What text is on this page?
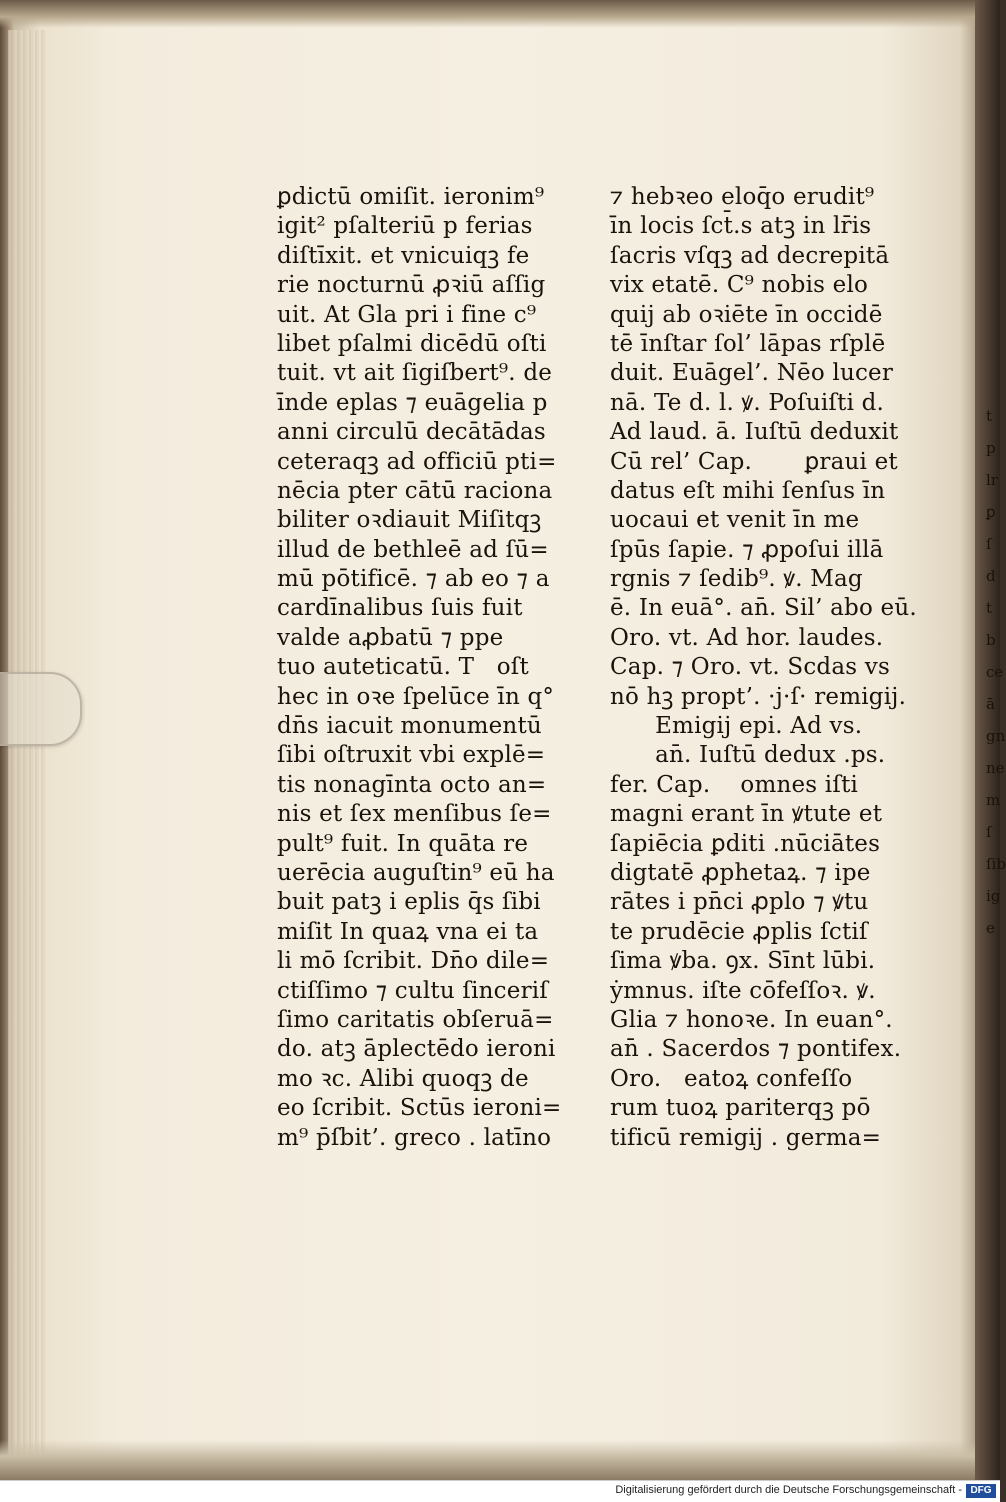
t
p
lr
ꝑ
ſ
d
t
b
ce
ā
gn
ne
m
ſ
ſib
ig
e
ꝑdictū omiſit. ieronim⁹
igit² pſalteriū p ferias
diſtīxit. et vnicuiqꝫ fe
rie nocturnū ꝓꝛiū aſſig
uit. At Gla pri i fine c⁹
libet pſalmi dicēdū oſti
tuit. vt ait ſigiſbert⁹. de
īnde eplas ⁊ euāgelia p
anni circulū decātādas
ceteraqꝫ ad officiū pti=
nēcia pter cātū raciona
biliter oꝛdiauit Miſitqꝫ
illud de bethleē ad ſū=
mū pōtificē. ⁊ ab eo ⁊ a
cardīnalibus ſuis fuit
valde aꝓbatū ⁊ ppe
tuo auteticatū. T   oſt
hec in oꝛe ſpelūce īn q°
dn̄s iacuit monumentū
ſibi oſtruxit vbi explē=
tis nonagīnta octo an=
nis et ſex menſibus ſe=
pult⁹ fuit. In quāta re
uerēcia auguſtin⁹ eū ha
buit patꝫ i eplis q̄s ſibi
miſit In quaꝝ vna ei ta
li mō ſcribit. Dn̄o dile=
ctiſſimo ⁊ cultu ſinceriſ
ſimo caritatis obſeruā=
do. atꝫ āplectēdo ieroni
mo ꝛc. Alibi quoqꝫ de
eo ſcribit. Sctūs ieroni=
m⁹ p̄ſbit’. greco . latīno
⁊ hebꝛeo eloq̄o erudit⁹
īn locis ſct̄.s atꝫ in lr̄is
ſacris vſqꝫ ad decrepitā
vix etatē. C⁹ nobis elo
quij ab oꝛiēte īn occidē
tē īnſtar ſol’ lāpas rſplē
duit. Euāgel’. Nēo lucer
nā. Te d. l. ꝟ. Poſuiſti d.
Ad laud. ā. Iuſtū deduxit
Cū rel’ Cap.       ꝑraui et
datus eſt mihi ſenſus īn
uocaui et venit īn me
ſpūs ſapie. ⁊ ꝓpoſui illā
rgnis ⁊ ſedib⁹. ꝟ. Mag
ē. In euā°. an̄. Sil’ abo eū.
Oro. vt. Ad hor. laudes.
Cap. ⁊ Oro. vt. Scdas vs
nō hꝫ propt’. ·j·ſ· remigij.
Emigij epi. Ad vs.
an̄. Iuſtū dedux .ps.
fer. Cap.    omnes iſti
magni erant īn ꝟtute et
ſapiēcia ꝑditi .nūciātes
digtatē ꝓphetaꝝ. ⁊ ipe
rātes i pn̄ci ꝓplo ⁊ ꝟtu
te prudēcie ꝓplis ſctiſ
ſima ꝟba. ꝯx. Sīnt lūbi.
ẏmnus. iſte cōfeſſoꝛ. ꝟ.
Glia ⁊ honoꝛe. In euan°.
an̄ . Sacerdos ⁊ pontifex.
Oro.   eatoꝝ confeſſo
rum tuoꝝ pariterqꝫ pō
tificū remigij . germa=
Digitalisierung gefördert durch die Deutsche Forschungsgemeinschaft - DFG
